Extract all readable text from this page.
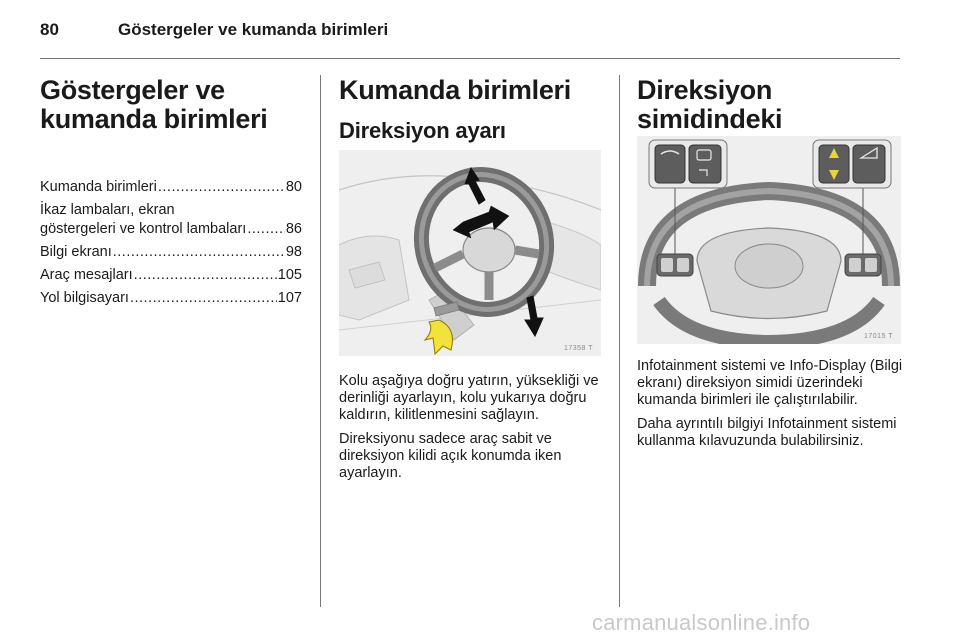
80	Göstergeler ve kumanda birimleri
Göstergeler ve
kumanda birimleri
Kumanda birimleri .....	80
İkaz lambaları, ekran
göstergeleri ve kontrol lambaları .....	86
Bilgi ekranı .....	98
Araç mesajları .....	105
Yol bilgisayarı .....	107
Kumanda birimleri
Direksiyon ayarı
17358 T

Kolu aşağıya doğru yatırın, yüksekliği ve derinliği ayarlayın, kolu yukarıya doğru kaldırın, kilitlenmesini sağlayın.

Direksiyonu sadece araç sabit ve direksiyon kilidi açık konumda iken ayarlayın.

Direksiyon simidindeki
17015 T

Infotainment sistemi ve Info-Display (Bilgi ekranı) direksiyon simidi üzerindeki kumanda birimleri ile çalıştırılabilir.

Daha ayrıntılı bilgiyi Infotainment sistemi kullanma kılavuzunda bulabilirsiniz.

carmanualsonline.info
